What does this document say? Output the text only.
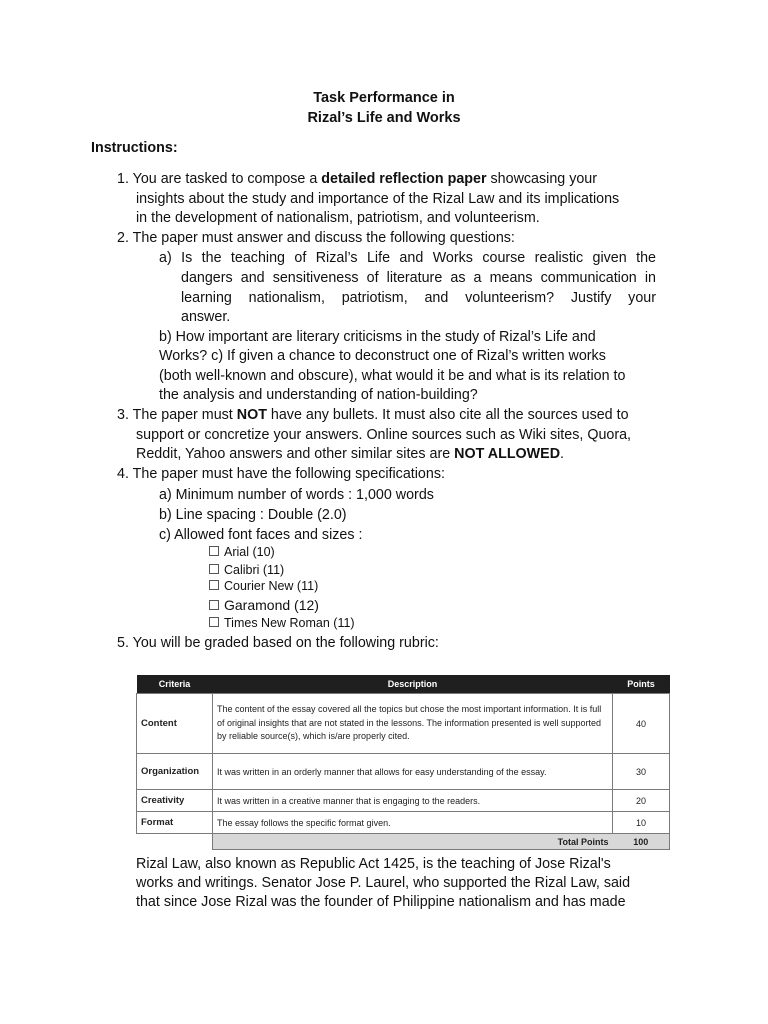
Task Performance in
Rizal’s Life and Works
Instructions:
1. You are tasked to compose a detailed reflection paper showcasing your
insights about the study and importance of the Rizal Law and its implications
in the development of nationalism, patriotism, and volunteerism.
2. The paper must answer and discuss the following questions:
a) Is the teaching of Rizal’s Life and Works course realistic given the
dangers and sensitiveness of literature as a means communication in
learning nationalism, patriotism, and volunteerism? Justify your
answer.
b) How important are literary criticisms in the study of Rizal’s Life and
Works? c) If given a chance to deconstruct one of Rizal’s written works
(both well-known and obscure), what would it be and what is its relation to
the analysis and understanding of nation-building?
3. The paper must NOT have any bullets. It must also cite all the sources used to
support or concretize your answers. Online sources such as Wiki sites, Quora,
Reddit, Yahoo answers and other similar sites are NOT ALLOWED.
4. The paper must have the following specifications:
a) Minimum number of words : 1,000 words
b) Line spacing : Double (2.0)
c) Allowed font faces and sizes :
Arial (10)
Calibri (11)
Courier New (11)
Garamond (12)
Times New Roman (11)
5. You will be graded based on the following rubric:
Criteria	Description	Points
Content	The content of the essay covered all the topics but chose the most important information. It is full of original insights that are not stated in the lessons. The information presented is well supported by reliable source(s), which is/are properly cited.	40
Organization	It was written in an orderly manner that allows for easy understanding of the essay.	30
Creativity	It was written in a creative manner that is engaging to the readers.	20
Format	The essay follows the specific format given.	10
	Total Points	100
Rizal Law, also known as Republic Act 1425, is the teaching of Jose Rizal's
works and writings. Senator Jose P. Laurel, who supported the Rizal Law, said
that since Jose Rizal was the founder of Philippine nationalism and has made
